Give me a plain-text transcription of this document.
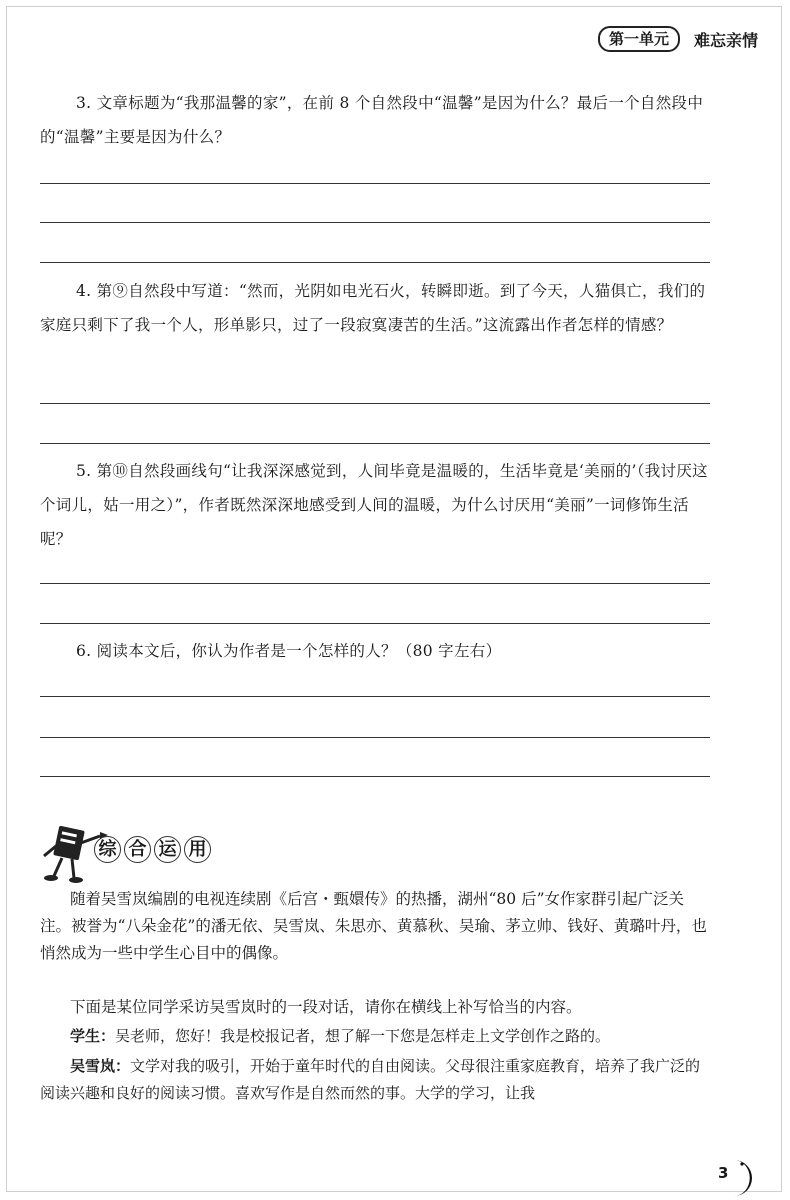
第一单元	难忘亲情
3. 文章标题为“我那温馨的家”，在前 8 个自然段中“温馨”是因为什么？最后一个自然段中的“温馨”主要是因为什么？
4. 第⑨自然段中写道：“然而，光阴如电光石火，转瞬即逝。到了今天，人猫俱亡，我们的家庭只剩下了我一个人，形单影只，过了一段寂寞凄苦的生活。”这流露出作者怎样的情感？
5. 第⑩自然段画线句“让我深深感觉到，人间毕竟是温暖的，生活毕竟是‘美丽的’（我讨厌这个词儿，姑一用之）”，作者既然深深地感受到人间的温暖，为什么讨厌用“美丽”一词修饰生活呢？
6. 阅读本文后，你认为作者是一个怎样的人？（80 字左右）
综 合 运 用
随着吴雪岚编剧的电视连续剧《后宫・甄嬛传》的热播，湖州“80 后”女作家群引起广泛关注。被誉为“八朵金花”的潘无依、吴雪岚、朱思亦、黄慕秋、吴瑜、茅立帅、钱好、黄璐叶丹，也悄然成为一些中学生心目中的偶像。
下面是某位同学采访吴雪岚时的一段对话，请你在横线上补写恰当的内容。
学生：吴老师，您好！我是校报记者，想了解一下您是怎样走上文学创作之路的。
吴雪岚：文学对我的吸引，开始于童年时代的自由阅读。父母很注重家庭教育，培养了我广泛的阅读兴趣和良好的阅读习惯。喜欢写作是自然而然的事。大学的学习，让我
3
